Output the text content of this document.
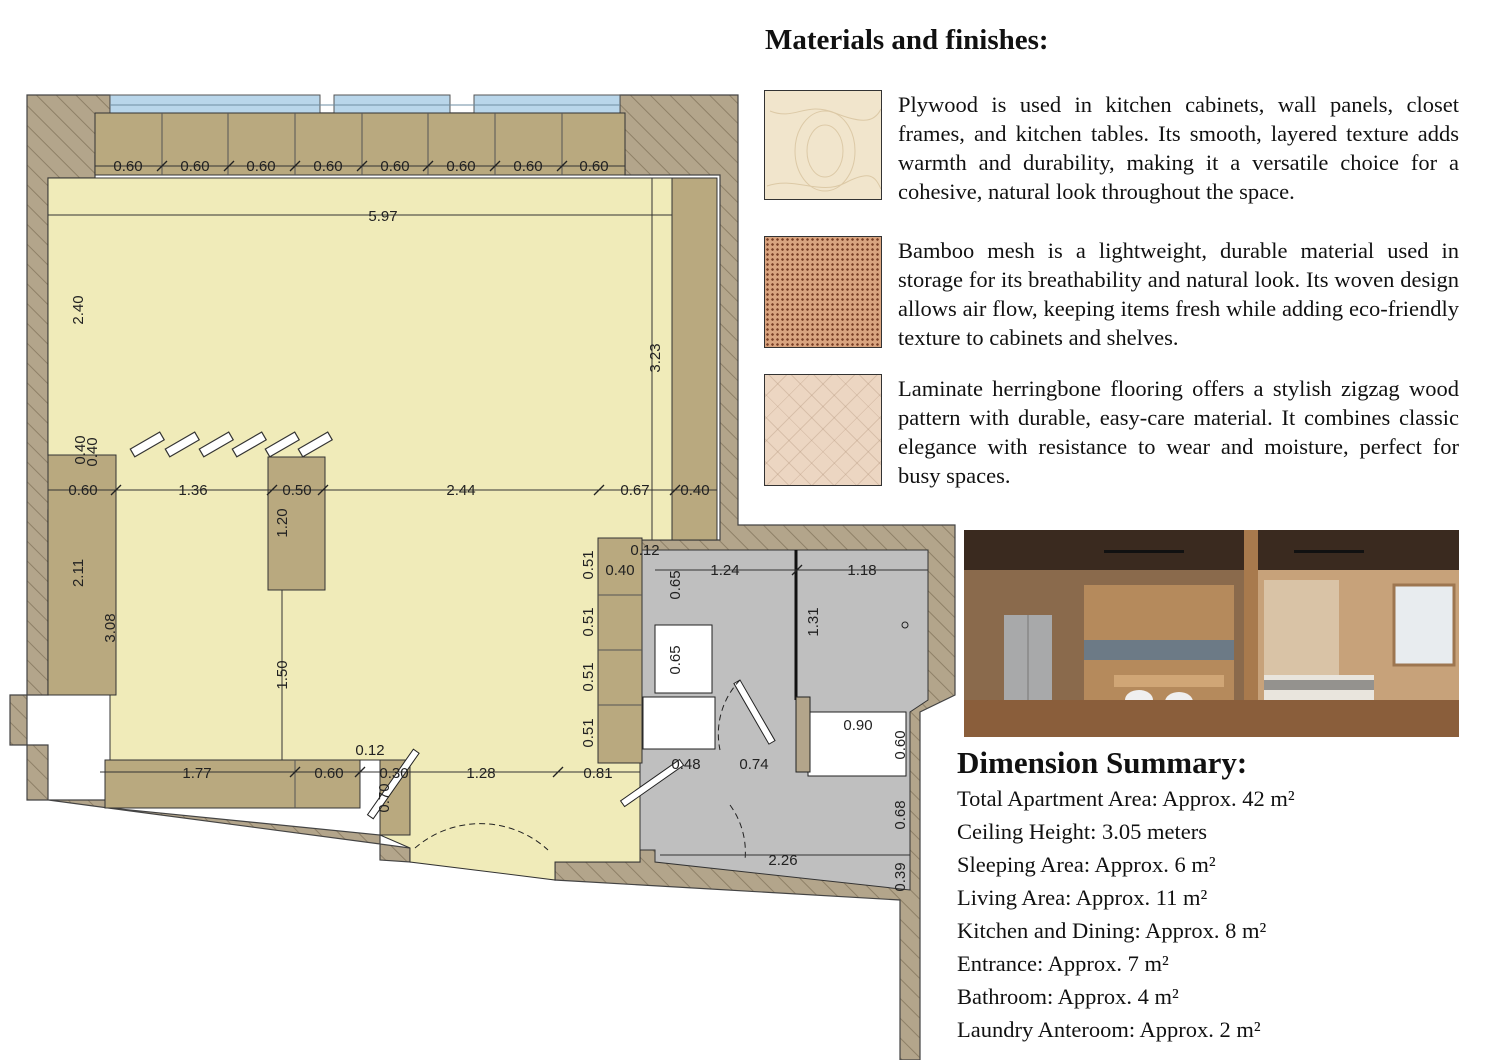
0.60	0.60 0.60	0.60	0.60 0.60	0.60 0.60
5.97
2.40
3.23
0.60	1.36	0.50	2.44	0.67 0.40
0.40
2.11
3.08
1.20
1.50
0.51
0.51
0.51
0.51
0.40
0.12
1.24	1.18
1.31
0.65
0.65
0.90
0.60
0.48	0.74
0.68
2.26
0.39
1.77	0.60
0.12
0.30
0.70
1.28	0.81
0.40
Materials and finishes:

Plywood is used in kitchen cabinets, wall panels, closet frames, and kitchen tables. Its smooth, layered texture adds warmth and durability, making it a versatile choice for a cohesive, natural look throughout the space.

Bamboo mesh is a lightweight, durable material used in storage for its breathability and natural look. Its woven design allows air flow, keeping items fresh while adding eco-friendly texture to cabinets and shelves.

Laminate herringbone flooring offers a stylish zigzag wood pattern with durable, easy-care material. It combines classic elegance with resistance to wear and moisture, perfect for busy spaces.

Dimension Summary:
Total Apartment Area: Approx. 42 m²
Ceiling Height: 3.05 meters
Sleeping Area: Approx. 6 m²
Living Area: Approx. 11 m²
Kitchen and Dining: Approx. 8 m²
Entrance: Approx. 7 m²
Bathroom: Approx. 4 m²
Laundry Anteroom: Approx. 2 m²
